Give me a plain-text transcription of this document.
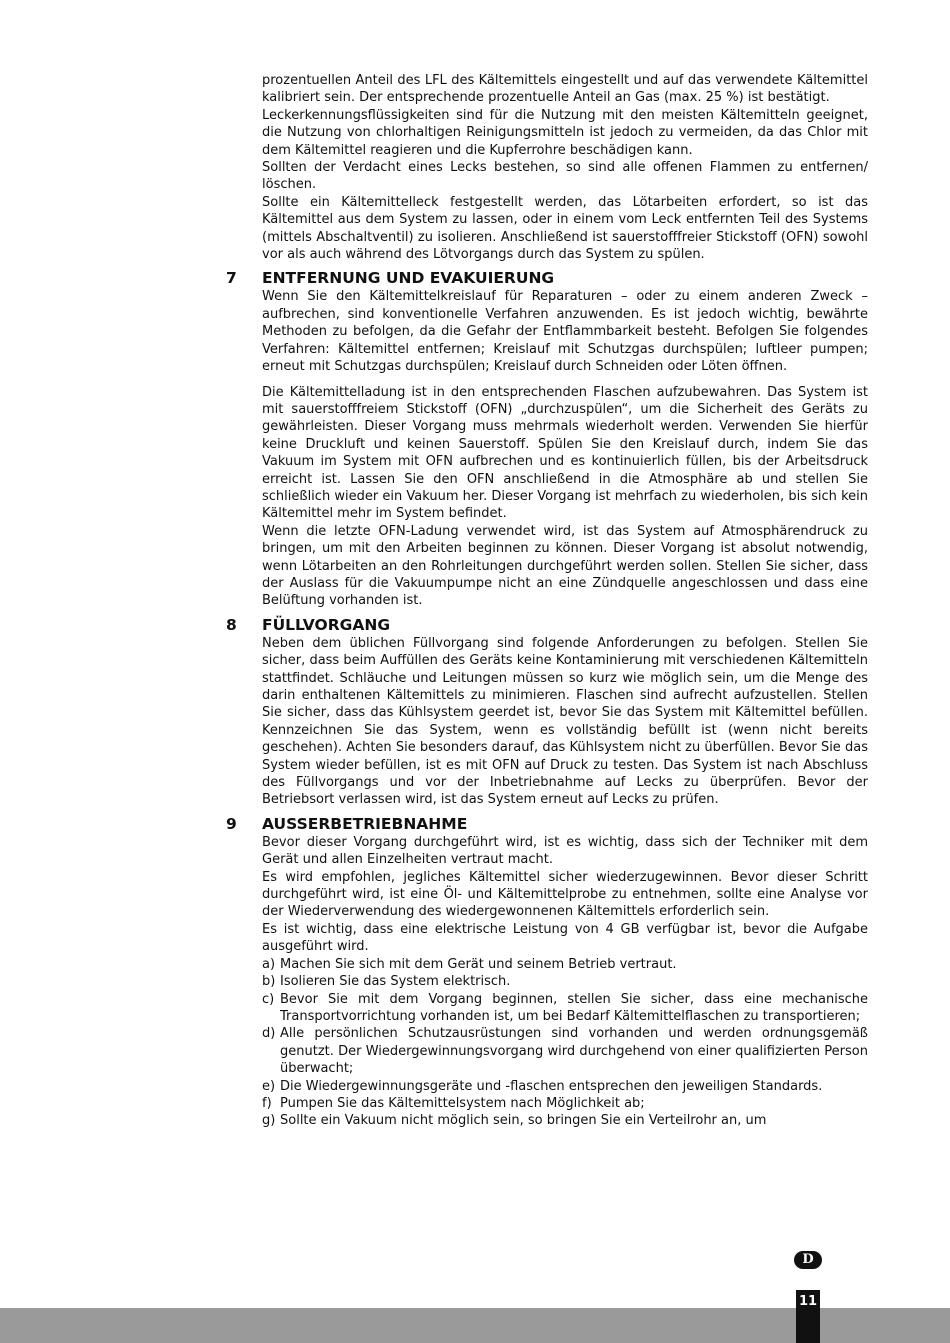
prozentuellen Anteil des LFL des Kältemittels eingestellt und auf das verwendete Kältemittel kalibriert sein. Der entsprechende prozentuelle Anteil an Gas (max. 25 %) ist bestätigt.

Leckerkennungsflüssigkeiten sind für die Nutzung mit den meisten Kältemitteln geeignet, die Nutzung von chlorhaltigen Reinigungsmitteln ist jedoch zu vermeiden, da das Chlor mit dem Kältemittel reagieren und die Kupferrohre beschädigen kann.

Sollten der Verdacht eines Lecks bestehen, so sind alle offenen Flammen zu entfernen/ löschen.

Sollte ein Kältemittelleck festgestellt werden, das Lötarbeiten erfordert, so ist das Kältemittel aus dem System zu lassen, oder in einem vom Leck entfernten Teil des Systems (mittels Abschaltventil) zu isolieren. Anschließend ist sauerstofffreier Stickstoff (OFN) sowohl vor als auch während des Lötvorgangs durch das System zu spülen.

7 ENTFERNUNG UND EVAKUIERUNG

Wenn Sie den Kältemittelkreislauf für Reparaturen – oder zu einem anderen Zweck – aufbrechen, sind konventionelle Verfahren anzuwenden. Es ist jedoch wichtig, bewährte Methoden zu befolgen, da die Gefahr der Entflammbarkeit besteht. Befolgen Sie folgendes Verfahren: Kältemittel entfernen; Kreislauf mit Schutzgas durchspülen; luftleer pumpen; erneut mit Schutzgas durchspülen; Kreislauf durch Schneiden oder Löten öffnen.

Die Kältemittelladung ist in den entsprechenden Flaschen aufzubewahren. Das System ist mit sauerstofffreiem Stickstoff (OFN) „durchzuspülen“, um die Sicherheit des Geräts zu gewährleisten. Dieser Vorgang muss mehrmals wiederholt werden. Verwenden Sie hierfür keine Druckluft und keinen Sauerstoff. Spülen Sie den Kreislauf durch, indem Sie das Vakuum im System mit OFN aufbrechen und es kontinuierlich füllen, bis der Arbeitsdruck erreicht ist. Lassen Sie den OFN anschließend in die Atmosphäre ab und stellen Sie schließlich wieder ein Vakuum her. Dieser Vorgang ist mehrfach zu wiederholen, bis sich kein Kältemittel mehr im System befindet.

Wenn die letzte OFN-Ladung verwendet wird, ist das System auf Atmosphärendruck zu bringen, um mit den Arbeiten beginnen zu können. Dieser Vorgang ist absolut notwendig, wenn Lötarbeiten an den Rohrleitungen durchgeführt werden sollen. Stellen Sie sicher, dass der Auslass für die Vakuumpumpe nicht an eine Zündquelle angeschlossen und dass eine Belüftung vorhanden ist.

8 FÜLLVORGANG

Neben dem üblichen Füllvorgang sind folgende Anforderungen zu befolgen. Stellen Sie sicher, dass beim Auffüllen des Geräts keine Kontaminierung mit verschiedenen Kältemitteln stattfindet. Schläuche und Leitungen müssen so kurz wie möglich sein, um die Menge des darin enthaltenen Kältemittels zu minimieren. Flaschen sind aufrecht aufzustellen. Stellen Sie sicher, dass das Kühlsystem geerdet ist, bevor Sie das System mit Kältemittel befüllen. Kennzeichnen Sie das System, wenn es vollständig befüllt ist (wenn nicht bereits geschehen). Achten Sie besonders darauf, das Kühlsystem nicht zu überfüllen. Bevor Sie das System wieder befüllen, ist es mit OFN auf Druck zu testen. Das System ist nach Abschluss des Füllvorgangs und vor der Inbetriebnahme auf Lecks zu überprüfen. Bevor der Betriebsort verlassen wird, ist das System erneut auf Lecks zu prüfen.

9 AUSSERBETRIEBNAHME

Bevor dieser Vorgang durchgeführt wird, ist es wichtig, dass sich der Techniker mit dem Gerät und allen Einzelheiten vertraut macht.

Es wird empfohlen, jegliches Kältemittel sicher wiederzugewinnen. Bevor dieser Schritt durchgeführt wird, ist eine Öl- und Kältemittelprobe zu entnehmen, sollte eine Analyse vor der Wiederverwendung des wiedergewonnenen Kältemittels erforderlich sein.

Es ist wichtig, dass eine elektrische Leistung von 4 GB verfügbar ist, bevor die Aufgabe ausgeführt wird.

a) Machen Sie sich mit dem Gerät und seinem Betrieb vertraut.
b) Isolieren Sie das System elektrisch.
c) Bevor Sie mit dem Vorgang beginnen, stellen Sie sicher, dass eine mechanische Transportvorrichtung vorhanden ist, um bei Bedarf Kältemittelflaschen zu transportieren;
d) Alle persönlichen Schutzausrüstungen sind vorhanden und werden ordnungsgemäß genutzt. Der Wiedergewinnungsvorgang wird durchgehend von einer qualifizierten Person überwacht;
e) Die Wiedergewinnungsgeräte und -flaschen entsprechen den jeweiligen Standards.
f) Pumpen Sie das Kältemittelsystem nach Möglichkeit ab;
g) Sollte ein Vakuum nicht möglich sein, so bringen Sie ein Verteilrohr an, um
D
11
